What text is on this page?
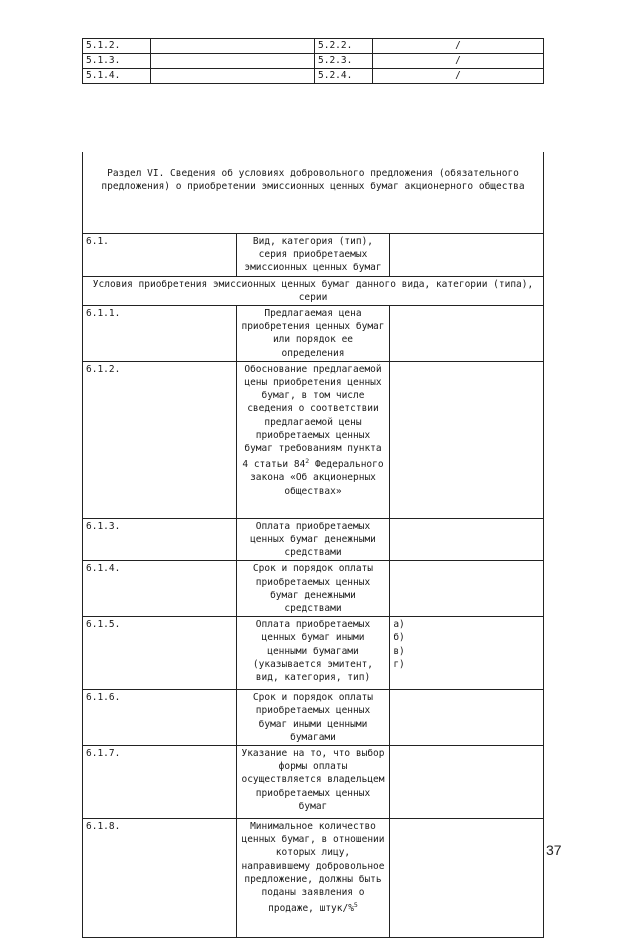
5.1.2.		5.2.2.	/
5.1.3.		5.2.3.	/
5.1.4.		5.2.4.	/
Раздел VI. Сведения об условиях добровольного предложения (обязательного предложения) о приобретении эмиссионных ценных бумаг акционерного общества		
6.1.	Вид, категория (тип), серия приобретаемых эмиссионных ценных бумаг	
Условия приобретения эмиссионных ценных бумаг данного вида, категории (типа), серии		
6.1.1.	Предлагаемая цена приобретения ценных бумаг или порядок ее определения	
6.1.2.	Обоснование предлагаемой цены приобретения ценных бумаг, в том числе сведения о соответствии предлагаемой цены приобретаемых ценных бумаг требованиям пункта 4 статьи $84^2$ Федерального закона «Об акционерных обществах»	
6.1.3.	Оплата приобретаемых ценных бумаг денежными средствами	
6.1.4.	Срок и порядок оплаты приобретаемых ценных бумаг денежными средствами	
6.1.5.	Оплата приобретаемых ценных бумаг иными ценными бумагами (указывается эмитент, вид, категория, тип)	а)
б)
в)
г)

6.1.6.	Срок и порядок оплаты приобретаемых ценных бумаг иными ценными бумагами	
6.1.7.	Указание на то, что выбор формы оплаты осуществляется владельцем приобретаемых ценных бумаг	
6.1.8.	Минимальное количество ценных бумаг, в отношении которых лицу, направившему добровольное предложение, должны быть поданы заявления о продаже, штук/%$^5$	
37
